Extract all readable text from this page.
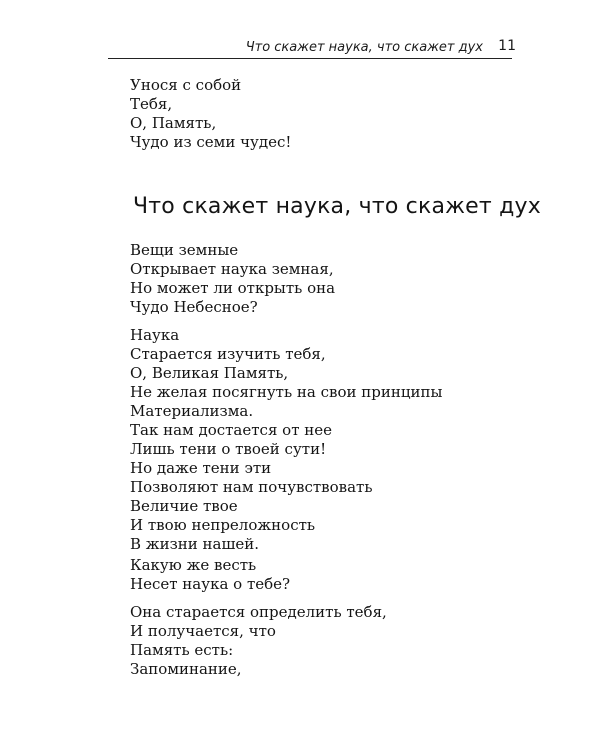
Что скажет наука, что скажет дух 11
Унося с собой
Тебя,
О, Память,
Чудо из семи чудес!
Что скажет наука, что скажет дух
Вещи земные
Открывает наука земная,
Но может ли открыть она
Чудо Небесное?
Наука
Старается изучить тебя,
О, Великая Память,
Не желая посягнуть на свои принципы
Материализма.
Так нам достается от нее
Лишь тени о твоей сути!
Но даже тени эти
Позволяют нам почувствовать
Величие твое
И твою непреложность
В жизни нашей.
Какую же весть
Несет наука о тебе?
Она старается определить тебя,
И получается, что
Память есть:
Запоминание,
